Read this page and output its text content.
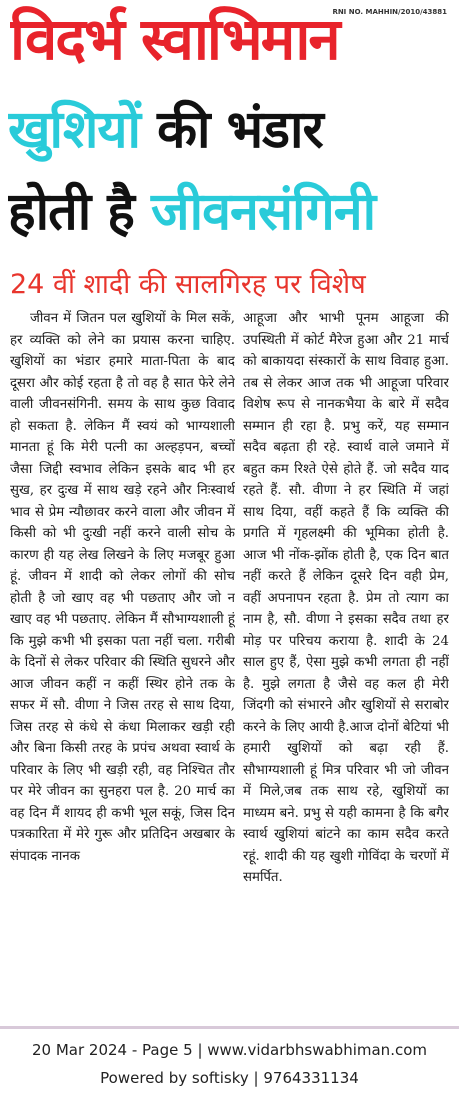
विदर्भ स्वाभिमान
RNI NO. MAHHIN/2010/43881
खुशियों की भंडार
होती है जीवनसंगिनी
24 वीं शादी की सालगिरह पर विशेष
जीवन में जितन पल खुशियों के मिल सकें, हर व्यक्ति को लेने का प्रयास करना चाहिए. खुशियों का भंडार हमारे माता-पिता के बाद दूसरा और कोई रहता है तो वह है सात फेरे लेने वाली जीवनसंगिनी. समय के साथ कुछ विवाद हो सकता है. लेकिन मैं स्वयं को भाग्यशाली मानता हूं कि मेरी पत्नी का अल्हड़पन, बच्चों जैसा जिद्दी स्वभाव लेकिन इसके बाद भी हर सुख, हर दुःख में साथ खड़े रहने और निःस्वार्थ भाव से प्रेम न्यौछावर करने वाला और जीवन में किसी को भी दुःखी नहीं करने वाली सोच के कारण ही यह लेख लिखने के लिए मजबूर हुआ हूं. जीवन में शादी को लेकर लोगों की सोच होती है जो खाए वह भी पछताए और जो न खाए वह भी पछताए. लेकिन मैं सौभाग्यशाली हूं कि मुझे कभी भी इसका पता नहीं चला. गरीबी के दिनों से लेकर परिवार की स्थिति सुधरने और आज जीवन कहीं न कहीं स्थिर होने तक के सफर में सौ. वीणा ने जिस तरह से साथ दिया, जिस तरह से कंधे से कंधा मिलाकर खड़ी रही और बिना किसी तरह के प्रपंच अथवा स्वार्थ के परिवार के लिए भी खड़ी रही, वह निश्चित तौर पर मेरे जीवन का सुनहरा पल है. 20 मार्च का वह दिन मैं शायद ही कभी भूल सकूं, जिस दिन पत्रकारिता में मेरे गुरू और प्रतिदिन अखबार के संपादक नानक
आहूजा और भाभी पूनम आहूजा की उपस्थिती में कोर्ट मैरेज हुआ और 21 मार्च को बाकायदा संस्कारों के साथ विवाह हुआ. तब से लेकर आज तक भी आहूजा परिवार विशेष रूप से नानकभैया के बारे में सदैव सम्मान ही रहा है. प्रभु करें, यह सम्मान सदैव बढ़ता ही रहे. स्वार्थ वाले जमाने में बहुत कम रिश्ते ऐसे होते हैं. जो सदैव याद रहते हैं. सौ. वीणा ने हर स्थिति में जहां साथ दिया, वहीं कहते हैं कि व्यक्ति की प्रगति में गृहलक्ष्मी की भूमिका होती है. आज भी नोंक-झोंक होती है, एक दिन बात नहीं करते हैं लेकिन दूसरे दिन वही प्रेम, वहीं अपनापन रहता है. प्रेम तो त्याग का नाम है, सौ. वीणा ने इसका सदैव तथा हर मोड़ पर परिचय कराया है. शादी के 24 साल हुए हैं, ऐसा मुझे कभी लगता ही नहीं है. मुझे लगता है जैसे वह कल ही मेरी जिंदगी को संभारने और खुशियों से सराबोर करने के लिए आयी है.आज दोनों बेटियां भी हमारी खुशियों को बढ़ा रही हैं. सौभाग्यशाली हूं मित्र परिवार भी जो जीवन में मिले,जब तक साथ रहे, खुशियों का माध्यम बने. प्रभु से यही कामना है कि बगैर स्वार्थ खुशियां बांटने का काम सदैव करते रहूं. शादी की यह खुशी गोविंदा के चरणों में समर्पित.
20 Mar 2024 - Page 5 | www.vidarbhswabhiman.com
Powered by softisky | 9764331134
